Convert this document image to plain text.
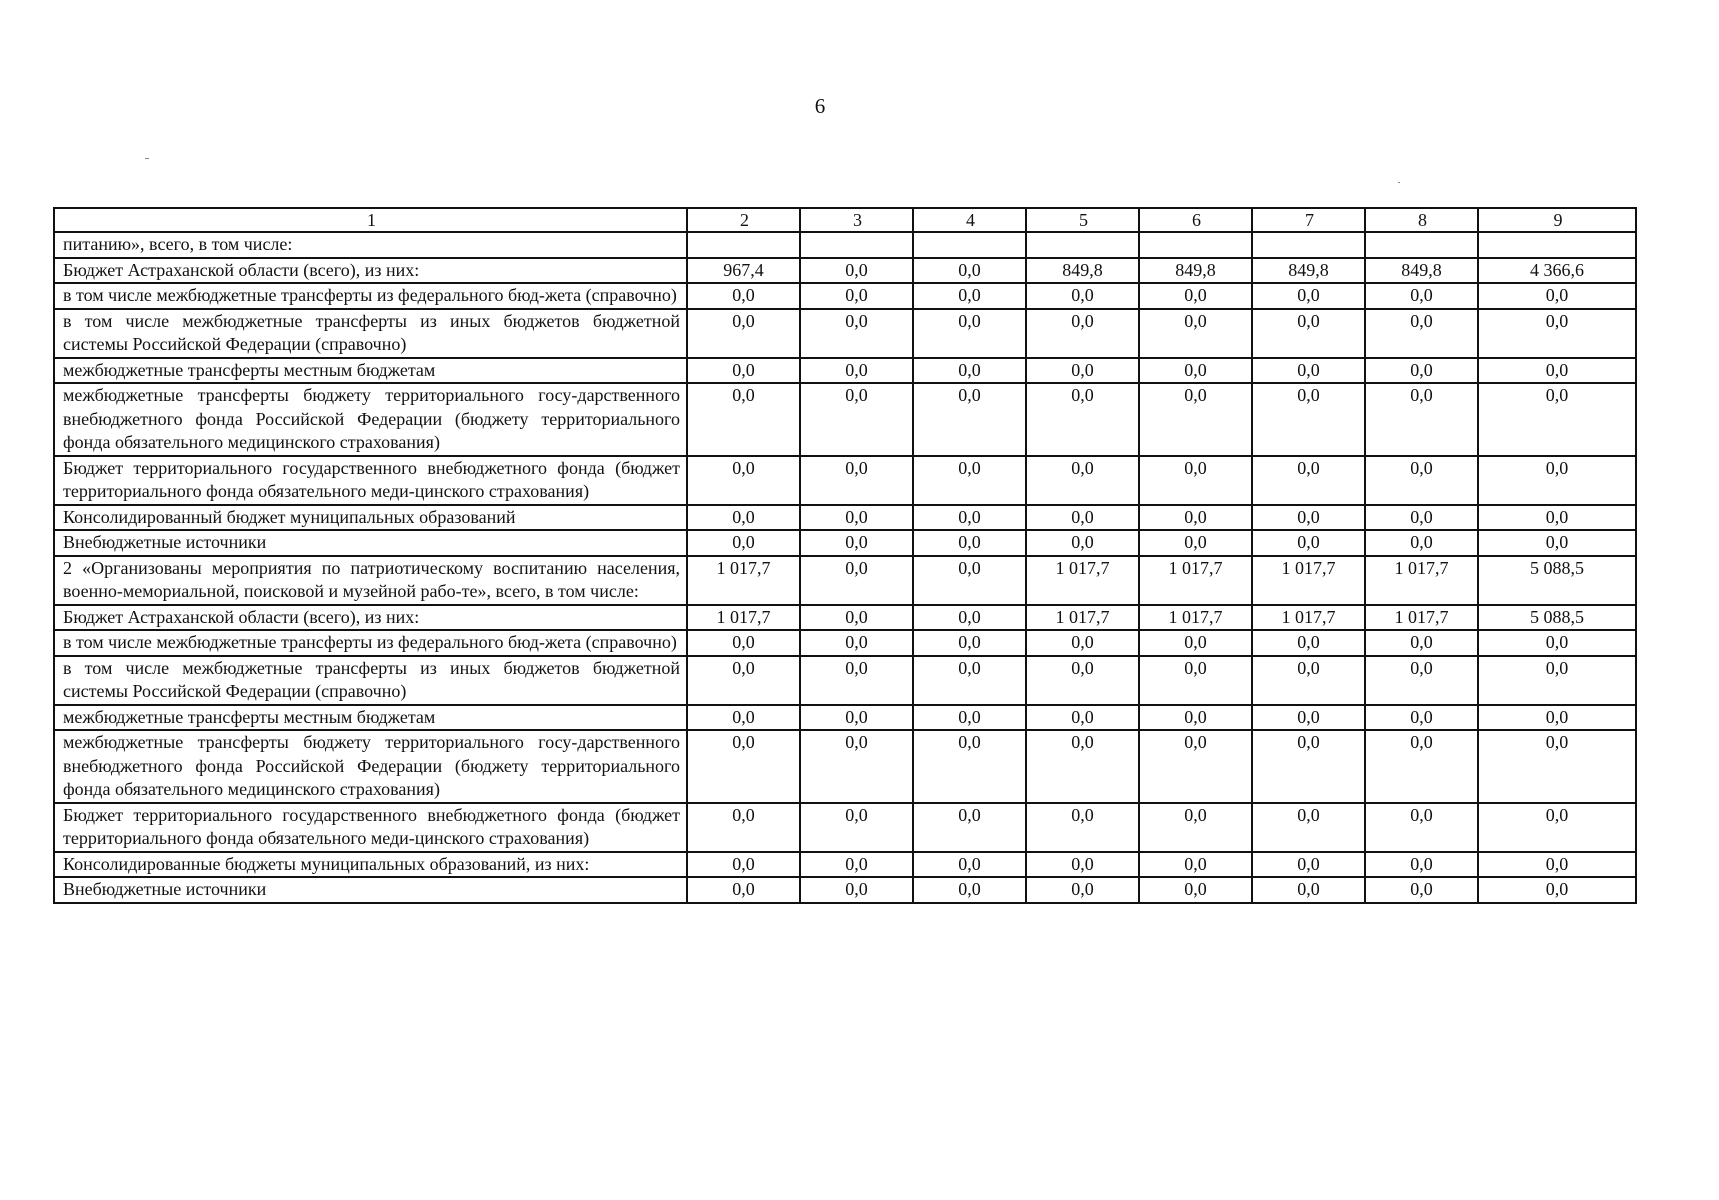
6
1	2	3	4	5	6	7	8	9
питанию», всего, в том числе:								
Бюджет Астраханской области (всего), из них:	967,4	0,0	0,0	849,8	849,8	849,8	849,8	4 366,6
в том числе межбюджетные трансферты из федерального бюд-жета (справочно)	0,0	0,0	0,0	0,0	0,0	0,0	0,0	0,0
в том числе межбюджетные трансферты из иных бюджетов бюджетной системы Российской Федерации (справочно)	0,0	0,0	0,0	0,0	0,0	0,0	0,0	0,0
межбюджетные трансферты местным бюджетам	0,0	0,0	0,0	0,0	0,0	0,0	0,0	0,0
межбюджетные трансферты бюджету территориального госу-дарственного внебюджетного фонда Российской Федерации (бюджету территориального фонда обязательного медицинского страхования)	0,0	0,0	0,0	0,0	0,0	0,0	0,0	0,0
Бюджет территориального государственного внебюджетного фонда (бюджет территориального фонда обязательного меди-цинского страхования)	0,0	0,0	0,0	0,0	0,0	0,0	0,0	0,0
Консолидированный бюджет муниципальных образований	0,0	0,0	0,0	0,0	0,0	0,0	0,0	0,0
Внебюджетные источники	0,0	0,0	0,0	0,0	0,0	0,0	0,0	0,0
2 «Организованы мероприятия по патриотическому воспитанию населения, военно-мемориальной, поисковой и музейной рабо-те», всего, в том числе:	1 017,7	0,0	0,0	1 017,7	1 017,7	1 017,7	1 017,7	5 088,5
Бюджет Астраханской области (всего), из них:	1 017,7	0,0	0,0	1 017,7	1 017,7	1 017,7	1 017,7	5 088,5
в том числе межбюджетные трансферты из федерального бюд-жета (справочно)	0,0	0,0	0,0	0,0	0,0	0,0	0,0	0,0
в том числе межбюджетные трансферты из иных бюджетов бюджетной системы Российской Федерации (справочно)	0,0	0,0	0,0	0,0	0,0	0,0	0,0	0,0
межбюджетные трансферты местным бюджетам	0,0	0,0	0,0	0,0	0,0	0,0	0,0	0,0
межбюджетные трансферты бюджету территориального госу-дарственного внебюджетного фонда Российской Федерации (бюджету территориального фонда обязательного медицинского страхования)	0,0	0,0	0,0	0,0	0,0	0,0	0,0	0,0
Бюджет территориального государственного внебюджетного фонда (бюджет территориального фонда обязательного меди-цинского страхования)	0,0	0,0	0,0	0,0	0,0	0,0	0,0	0,0
Консолидированные бюджеты муниципальных образований, из них:	0,0	0,0	0,0	0,0	0,0	0,0	0,0	0,0
Внебюджетные источники	0,0	0,0	0,0	0,0	0,0	0,0	0,0	0,0
